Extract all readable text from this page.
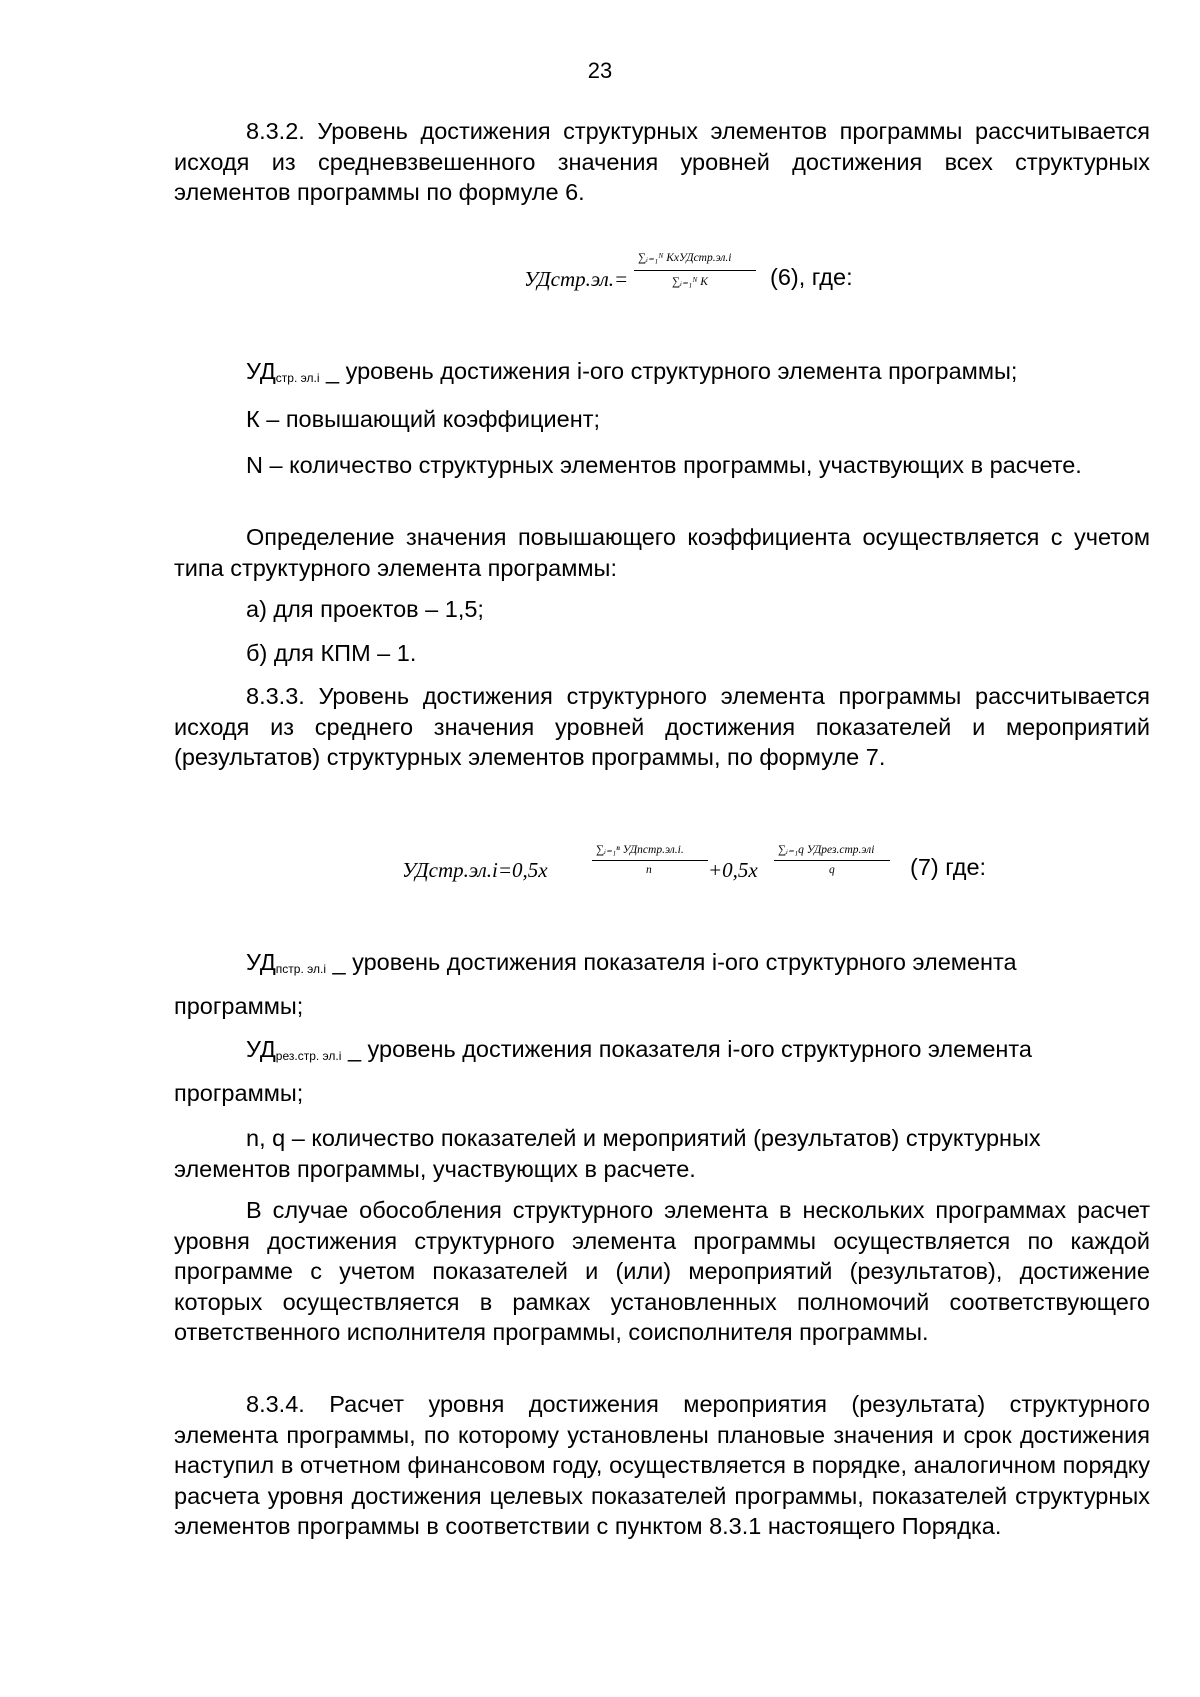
23

8.3.2. Уровень достижения структурных элементов программы рассчитывается исходя из средневзвешенного значения уровней достижения всех структурных элементов программы по формуле 6.

УДстр.эл.=
∑ᵢ₌₁ᴺ КхУДстр.эл.i
∑ᵢ₌₁ᴺ К	(6), где:

$УД_{стр. эл.i}$ _ уровень достижения i-ого структурного элемента программы;

К – повышающий коэффициент;

N – количество структурных элементов программы, участвующих в расчете.

Определение значения повышающего коэффициента осуществляется с учетом типа структурного элемента программы:

а) для проектов – 1,5;

б) для КПМ – 1.

8.3.3. Уровень достижения структурного элемента программы рассчитывается исходя из среднего значения уровней достижения показателей и мероприятий (результатов) структурных элементов программы, по формуле 7.

УДстр.эл.i=0,5x
∑ᵢ₌₁ⁿ УДпстр.эл.i.
n	+0,5x
∑ᵢ₌₁q УДрез.стр.элi
q	(7) где:

$УД_{пстр. эл.i}$ _ уровень достижения показателя i-ого структурного элемента

программы;

$УД_{рез.стр. эл.i}$ _ уровень достижения показателя i-ого структурного элемента

программы;

n, q – количество показателей и мероприятий (результатов) структурных элементов программы, участвующих в расчете.

В случае обособления структурного элемента в нескольких программах расчет уровня достижения структурного элемента программы осуществляется по каждой программе с учетом показателей и (или) мероприятий (результатов), достижение которых осуществляется в рамках установленных полномочий соответствующего ответственного исполнителя программы, соисполнителя программы.

8.3.4. Расчет уровня достижения мероприятия (результата) структурного элемента программы, по которому установлены плановые значения и срок достижения наступил в отчетном финансовом году, осуществляется в порядке, аналогичном порядку расчета уровня достижения целевых показателей программы, показателей структурных элементов программы в соответствии с пунктом 8.3.1 настоящего Порядка.
